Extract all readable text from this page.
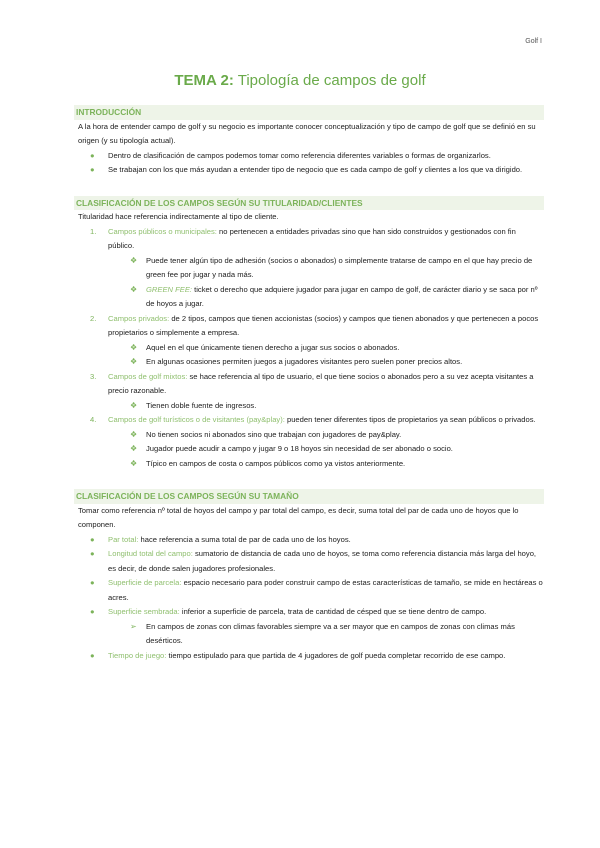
Golf I
TEMA 2: Tipología de campos de golf
INTRODUCCIÓN

A la hora de entender campo de golf y su negocio es importante conocer conceptualización y tipo de campo de golf que se definió en su origen (y su tipología actual).

● Dentro de clasificación de campos podemos tomar como referencia diferentes variables o formas de organizarlos.
● Se trabajan con los que más ayudan a entender tipo de negocio que es cada campo de golf y clientes a los que va dirigido.
CLASIFICACIÓN DE LOS CAMPOS SEGÚN SU TITULARIDAD/CLIENTES

Titularidad hace referencia indirectamente al tipo de cliente.

1. Campos públicos o municipales: no pertenecen a entidades privadas sino que han sido construidos y gestionados con fin público.
❖ Puede tener algún tipo de adhesión (socios o abonados) o simplemente tratarse de campo en el que hay precio de green fee por jugar y nada más.
❖ GREEN FEE: ticket o derecho que adquiere jugador para jugar en campo de golf, de carácter diario y se saca por nº de hoyos a jugar.
2. Campos privados: de 2 tipos, campos que tienen accionistas (socios) y campos que tienen abonados y que pertenecen a pocos propietarios o simplemente a empresa.
❖ Aquel en el que únicamente tienen derecho a jugar sus socios o abonados.
❖ En algunas ocasiones permiten juegos a jugadores visitantes pero suelen poner precios altos.
3. Campos de golf mixtos: se hace referencia al tipo de usuario, el que tiene socios o abonados pero a su vez acepta visitantes a precio razonable.
❖ Tienen doble fuente de ingresos.
4. Campos de golf turísticos o de visitantes (pay&play): pueden tener diferentes tipos de propietarios ya sean públicos o privados.
❖ No tienen socios ni abonados sino que trabajan con jugadores de pay&play.
❖ Jugador puede acudir a campo y jugar 9 o 18 hoyos sin necesidad de ser abonado o socio.
❖ Típico en campos de costa o campos públicos como ya vistos anteriormente.
CLASIFICACIÓN DE LOS CAMPOS SEGÚN SU TAMAÑO

Tomar como referencia nº total de hoyos del campo y par total del campo, es decir, suma total del par de cada uno de hoyos que lo componen.

● Par total: hace referencia a suma total de par de cada uno de los hoyos.
● Longitud total del campo: sumatorio de distancia de cada uno de hoyos, se toma como referencia distancia más larga del hoyo, es decir, de donde salen jugadores profesionales.
● Superficie de parcela: espacio necesario para poder construir campo de estas características de tamaño, se mide en hectáreas o acres.
● Superficie sembrada: inferior a superficie de parcela, trata de cantidad de césped que se tiene dentro de campo.
➢ En campos de zonas con climas favorables siempre va a ser mayor que en campos de zonas con climas más desérticos.
● Tiempo de juego: tiempo estipulado para que partida de 4 jugadores de golf pueda completar recorrido de ese campo.
